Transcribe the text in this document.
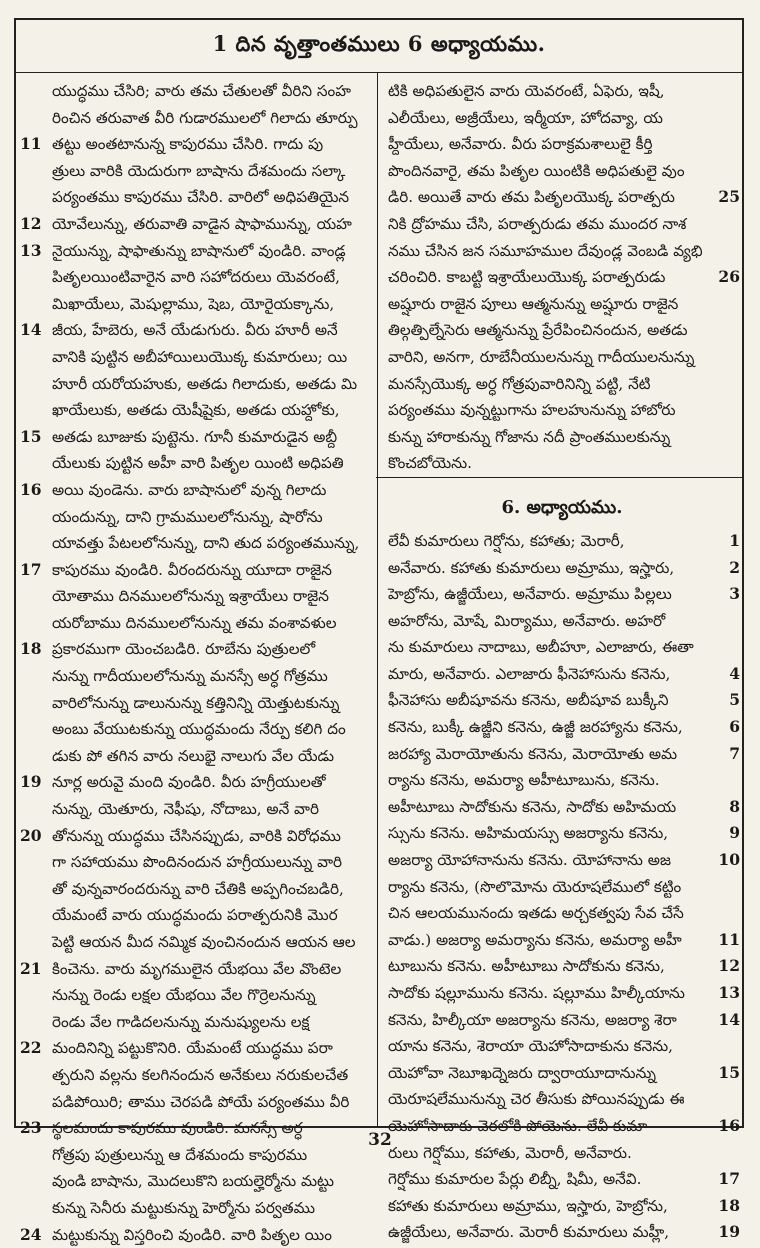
1 దిన వృత్తాంతములు 6 అధ్యాయము.
యుద్ధము చేసిరి; వారు తమ చేతులతో వీరిని సంహ
రించిన తరువాత వీరి గుడారములలో గిలాదు తూర్పు
11 తట్టు అంతటానున్న కాపురము చేసిరి. గాదు పు
త్రులు వారికి యెదురుగా బాషాను దేశమందు సల్కా
పర్యంతము కాపురము చేసిరి. వారిలో అధిపతియైన
12 యోవేలున్ను, తరువాతి వాడైన షాఫామున్ను, యహ
13 నైయున్ను, షాఫాతున్ను బాషానులో వుండిరి. వాండ్ల
పితృలయింటివారైన వారి సహోదరులు యెవరంటే,
మిఖాయేలు, మెషుల్లాము, షెబ, యోరైయక్కాను,
14 జీయ, హేబెరు, అనే యేడుగురు. వీరు హూరీ అనే
వానికి పుట్టిన అబీహాయిలుయొక్క కుమారులు; యి
హూరీ యరోయహుకు, అతడు గిలాదుకు, అతడు మి
ఖాయేలుకు, అతడు యెషీషైకు, అతడు యహ్దోకు,
15 అతడు బూజుకు పుట్టెను. గూనీ కుమారుడైన అబ్దీ
యేలుకు పుట్టిన అహీ వారి పితృల యింటి అధిపతి
16 అయి వుండెను. వారు బాషానులో వున్న గిలాదు
యందున్ను, దాని గ్రామములలోనున్ను, షారోను
యావత్తు పేటలలోనున్ను, దాని తుద పర్యంతమున్ను,
17 కాపురము వుండిరి. వీరందరున్ను యూదా రాజైన
యోతాము దినములలోనున్ను ఇశ్రాయేలు రాజైన
యరోబాము దినములలోనున్ను తమ వంశావళుల
18 ప్రకారముగా యెంచబడిరి. రూబేను పుత్రులలో
నున్ను గాదీయులలోనున్ను మనస్సే అర్ధ గోత్రము
వారిలోనున్ను డాలునున్ను కత్తినిన్ని యెత్తుటకున్ను
అంబు వేయుటకున్ను యుద్ధమందు నేర్పు కలిగి దం
డుకు పో తగిన వారు నలుభై నాలుగు వేల యేడు
19 నూర్ల అరువై మంది వుండిరి. వీరు హగ్రీయులతో
నున్ను, యెతూరు, నెఫీషు, నోదాబు, అనే వారి
20 తోనున్ను యుద్ధము చేసినప్పుడు, వారికి విరోధము
గా సహాయము పొందినందున హగ్రీయులున్ను వారి
తో వున్నవారందరున్ను వారి చేతికి అప్పగించబడిరి,
యేమంటే వారు యుద్ధమందు పరాత్పరునికి మొర
పెట్టి ఆయన మీద నమ్మిక వుంచినందున ఆయన ఆల
21 కించెను. వారు మృగములైన యేభయి వేల వొంటెల
నున్ను రెండు లక్షల యేభయి వేల గొర్రెలనున్ను
రెండు వేల గాడిదలనున్ను మనుష్యులను లక్ష
22 మందినిన్ని పట్టుకొనిరి. యేమంటే యుద్ధము పరా
త్పరుని వల్లను కలగినందున అనేకులు నరుకులచేత
పడిపోయిరి; తాము చెరపడి పోయే పర్యంతము వీరి
23 స్థలమందు కాపురము వుండిరి. మనస్సే అర్ధ
గోత్రపు పుత్రులున్ను ఆ దేశమందు కాపురము
వుండి బాషాను, మొదలుకొని బయల్హెర్మోను మట్టు
కున్ను సెనీరు మట్టుకున్ను హెర్మోను పర్వతము
24 మట్టుకున్ను విస్తరించి వుండిరి. వారి పితృల యిం
టికి అధిపతులైన వారు యెవరంటే, ఏఫెరు, ఇషీ,
ఎలీయేలు, అజ్రీయేలు, ఇర్మీయా, హోదవ్యా, య
హ్దీయేలు, అనేవారు. వీరు పరాక్రమశాలులై కీర్తి
పొందినవారై, తమ పితృల యింటికి అధిపతులై వుం
25
డిరి. అయితే వారు తమ పితృలయొక్క పరాత్పరు
నికి ద్రోహము చేసి, పరాత్పరుడు తమ ముందర నాశ
నము చేసిన జన సమూహముల దేవుండ్ల వెంబడి వ్యభి
26
చరించిరి. కాబట్టి ఇశ్రాయేలుయొక్క పరాత్పరుడు
అష్షూరు రాజైన పూలు ఆత్మనున్ను అష్షూరు రాజైన
తిల్గత్పిల్నేసెరు ఆత్మనున్ను ప్రేరేపించినందున, అతడు
వారిని, అనగా, రూబేనీయులనున్ను గాదీయులనున్ను
మనస్సేయొక్క అర్ధ గోత్రపువారినిన్ని పట్టి, నేటి
పర్యంతము వున్నట్టుగాను హలహునున్ను హాబోరు
కున్ను హారాకున్ను గోజాను నదీ ప్రాంతములకున్ను
కొంచబోయెను.
6. అధ్యాయము.
1
లేవీ కుమారులు గెర్షోను, కహాతు; మెరారీ,
2
అనేవారు. కహాతు కుమారులు అమ్రాము, ఇస్హారు,
3
హెబ్రోను, ఉజ్జీయేలు, అనేవారు. అమ్రాము పిల్లలు
అహరోను, మోషే, మిర్యాము, అనేవారు. అహరో
ను కుమారులు నాదాబు, అబీహూ, ఎలాజారు, ఈతా
4
మారు, అనేవారు. ఎలాజారు ఫీనెహాసును కనెను,
5
ఫీనెహాసు అబీషూవను కనెను, అబీషూవ బుక్కీని
6
కనెను, బుక్కీ ఉజ్జీని కనెను, ఉజ్జీ జరహ్యాను కనెను,
7
జరహ్యా మెరాయోతును కనెను, మెరాయోతు అమ
ర్యాను కనెను, అమర్యా అహీటూబును, కనెను.
8
అహీటూబు సాదోకును కనెను, సాదోకు అహిమయ
9
స్సును కనెను. అహిమయస్సు అజర్యాను కనెను,
10
అజర్యా యోహానానును కనెను. యోహానాను అజ
ర్యాను కనెను, (సొలొమోను యెరూషలేములో కట్టిం
చిన ఆలయమునందు ఇతడు అర్చకత్వపు సేవ చేసే
11
వాడు.) అజర్యా అమర్యాను కనెను, అమర్యా అహీ
12
టూబును కనెను. అహీటూబు సాదోకును కనెను,
13
సాదోకు షల్లూమును కనెను. షల్లూము హిల్కీయాను
14
కనెను, హిల్కీయా అజర్యాను కనెను, అజర్యా శెరా
యాను కనెను, శెరాయా యెహోసాదాకును కనెను,
15
యెహోవా నెబూఖద్నెజరు ద్వారాయూదానున్ను
యెరూషలేమునున్ను చెర తీసుకు పోయినప్పుడు ఈ
16
యెహోసాదాకు చెరలోకి పోయెను. లేవీ కుమా
రులు గెర్షోము, కహాతు, మెరారీ, అనేవారు.
17
గెర్షోము కుమారుల పేర్లు లిబ్నీ, షిమీ, అనేవి.
18
కహాతు కుమారులు అమ్రాము, ఇస్హారు, హెబ్రోను,
19
ఉజ్జీయేలు, అనేవారు. మెరారీ కుమారులు మహ్లీ,
32
